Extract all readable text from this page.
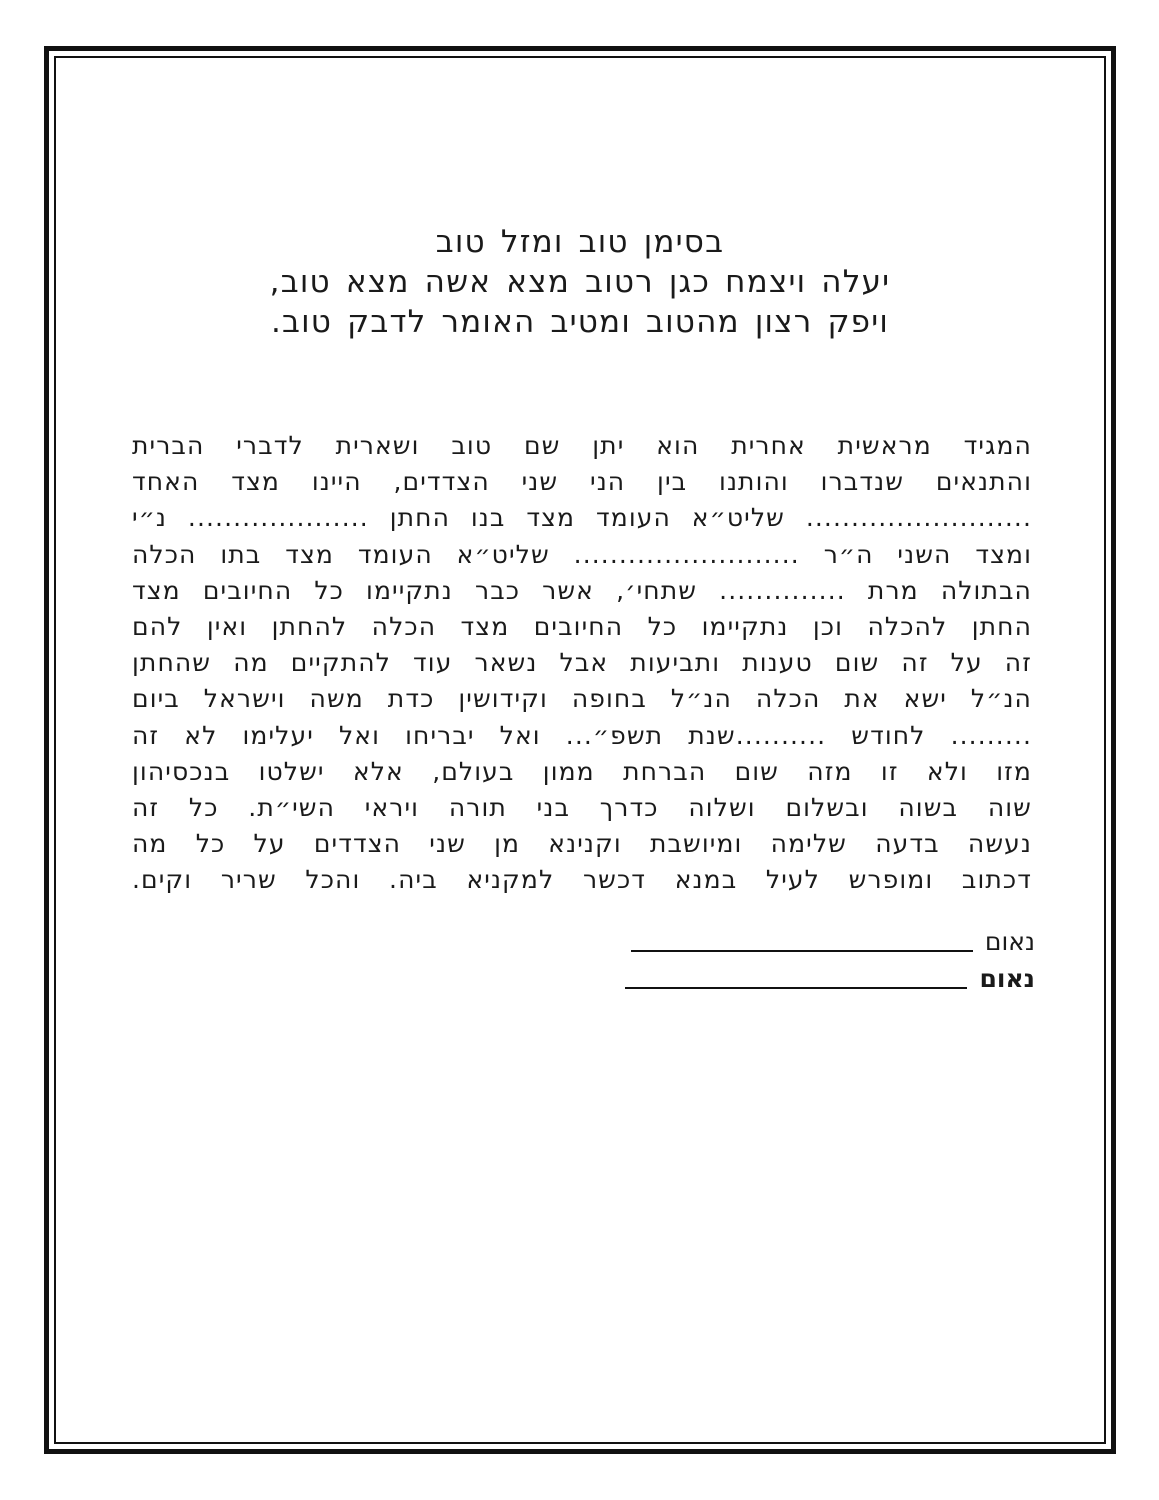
בסימן טוב ומזל טוב
יעלה ויצמח כגן רטוב מצא אשה מצא טוב,
ויפק רצון מהטוב ומטיב האומר לדבק טוב.
המגיד מראשית אחרית הוא יתן שם טוב ושארית לדברי הברית
והתנאים שנדברו והותנו בין הני שני הצדדים, היינו מצד האחד
......................... שליט״א העומד מצד בנו החתן .................... נ״י
ומצד השני ה״ר ......................... שליט״א העומד מצד בתו הכלה
הבתולה מרת .............. שתחי׳, אשר כבר נתקיימו כל החיובים מצד
החתן להכלה וכן נתקיימו כל החיובים מצד הכלה להחתן ואין להם
זה על זה שום טענות ותביעות אבל נשאר עוד להתקיים מה שהחתן
הנ״ל ישא את הכלה הנ״ל בחופה וקידושין כדת משה וישראל ביום
......... לחודש ..........שנת תשפ״... ואל יבריחו ואל יעלימו לא זה
מזו ולא זו מזה שום הברחת ממון בעולם, אלא ישלטו בנכסיהון
שוה בשוה ובשלום ושלוה כדרך בני תורה ויראי השי״ת. כל זה
נעשה בדעה שלימה ומיושבת וקנינא מן שני הצדדים על כל מה
דכתוב ומופרש לעיל במנא דכשר למקניא ביה. והכל שריר וקים.
נאום
נאום
